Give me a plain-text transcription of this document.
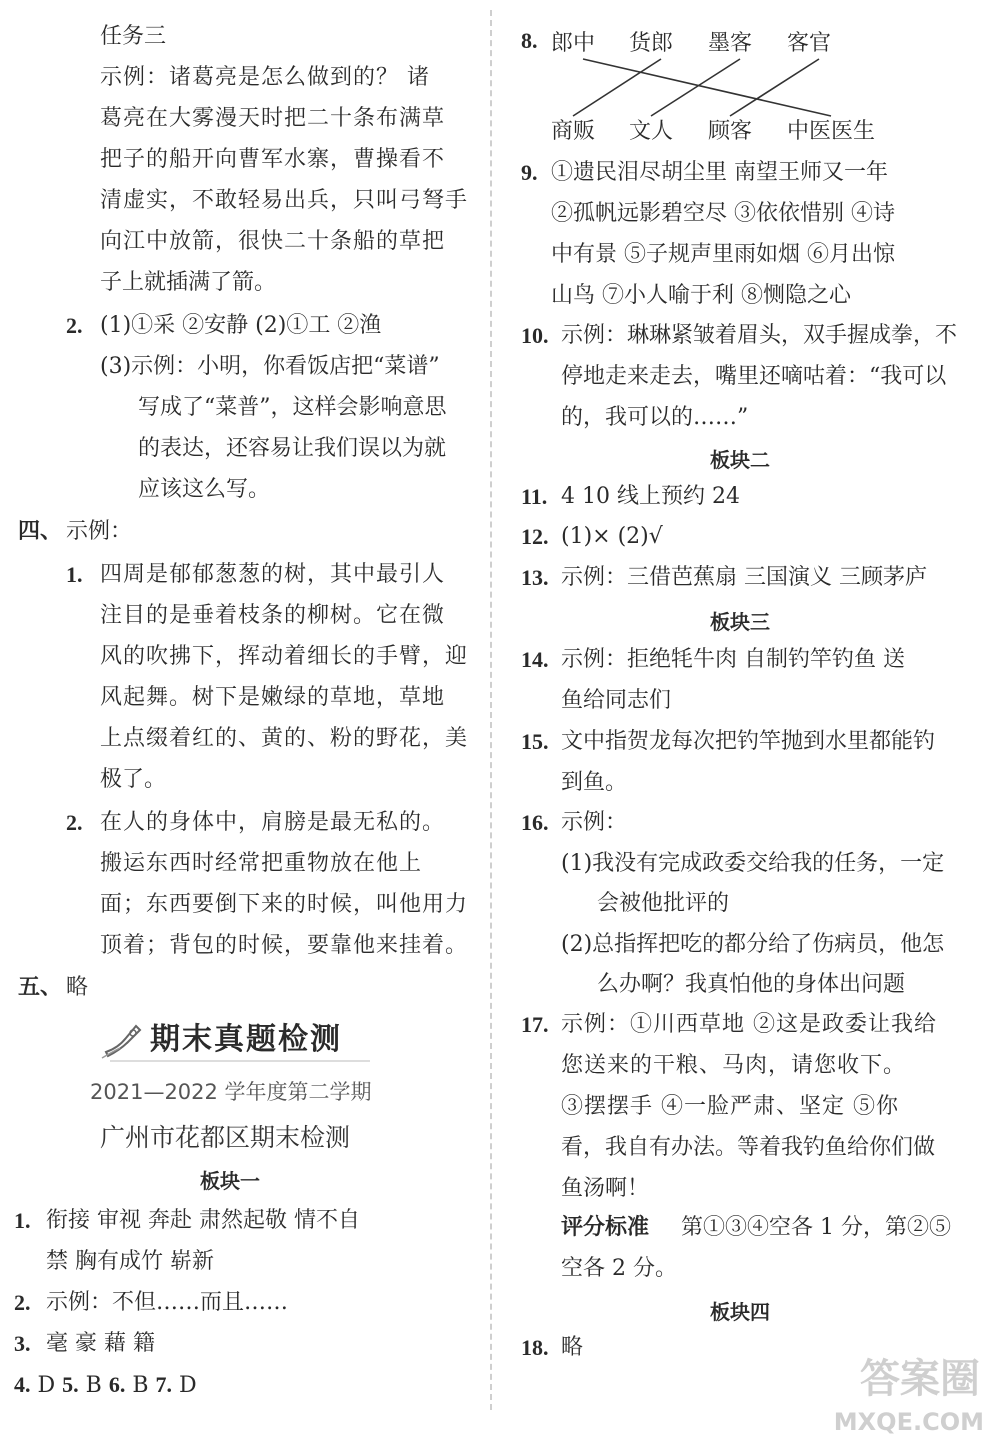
任务三
示例：诸葛亮是怎么做到的？ 诸
葛亮在大雾漫天时把二十条布满草
把子的船开向曹军水寨，曹操看不
清虚实，不敢轻易出兵，只叫弓弩手
向江中放箭，很快二十条船的草把
子上就插满了箭。
2. (1)①采 ②安静 (2)①工 ②渔
(3)示例：小明，你看饭店把“菜谱”
写成了“菜普”，这样会影响意思
的表达，还容易让我们误以为就
应该这么写。
四、 示例：
1. 四周是郁郁葱葱的树，其中最引人
注目的是垂着枝条的柳树。它在微
风的吹拂下，挥动着细长的手臂，迎
风起舞。树下是嫩绿的草地，草地
上点缀着红的、黄的、粉的野花，美
极了。
2. 在人的身体中，肩膀是最无私的。
搬运东西时经常把重物放在他上
面；东西要倒下来的时候，叫他用力
顶着；背包的时候，要靠他来挂着。
五、 略
期末真题检测
2021—2022 学年度第二学期
广州市花都区期末检测
板块一
1. 衔接 审视 奔赴 肃然起敬 情不自
禁 胸有成竹 崭新
2. 示例：不但……而且……
3. 毫 豪 藉 籍
4. D 5. B 6. B 7. D
8. 郎中 货郎 墨客 客官
商贩 文人 顾客 中医医生
9. ①遗民泪尽胡尘里 南望王师又一年
②孤帆远影碧空尽 ③依依惜别 ④诗
中有景 ⑤子规声里雨如烟 ⑥月出惊
山鸟 ⑦小人喻于利 ⑧恻隐之心
10. 示例：琳琳紧皱着眉头，双手握成拳，不
停地走来走去，嘴里还嘀咕着：“我可以
的，我可以的……”
板块二
11. 4 10 线上预约 24
12. (1)× (2)√
13. 示例：三借芭蕉扇 三国演义 三顾茅庐
板块三
14. 示例：拒绝牦牛肉 自制钓竿钓鱼 送
鱼给同志们
15. 文中指贺龙每次把钓竿抛到水里都能钓
到鱼。
16. 示例：
(1)我没有完成政委交给我的任务，一定
会被他批评的
(2)总指挥把吃的都分给了伤病员，他怎
么办啊？我真怕他的身体出问题
17. 示例：①川西草地 ②这是政委让我给
您送来的干粮、马肉，请您收下。
③摆摆手 ④一脸严肃、坚定 ⑤你
看，我自有办法。等着我钓鱼给你们做
鱼汤啊！
评分标准 第①③④空各 1 分，第②⑤
空各 2 分。
板块四
18. 略
答案圈
MXQE.COM
